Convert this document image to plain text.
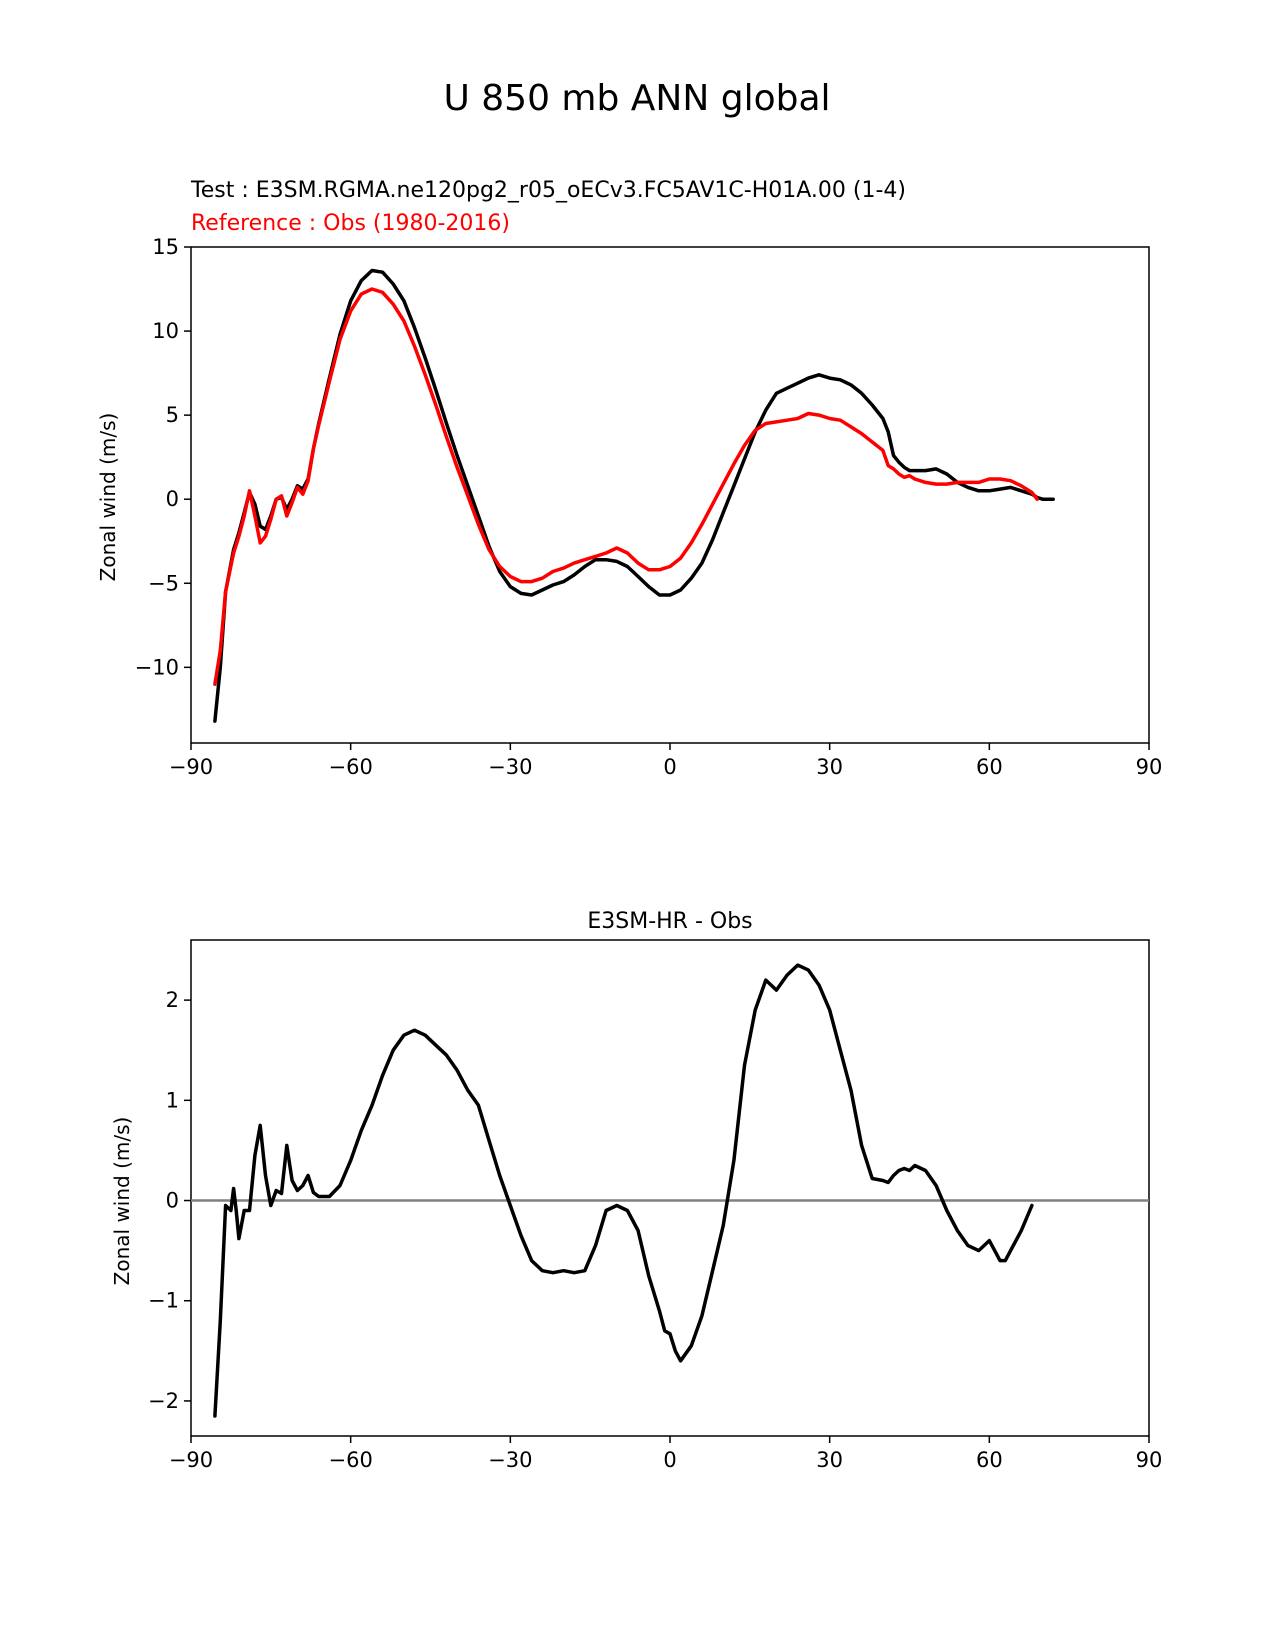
U 850 mb ANN global
Test : E3SM.RGMA.ne120pg2_r05_oECv3.FC5AV1C-H01A.00 (1-4)
Reference : Obs (1980-2016)
Zonal wind (m/s)
−90	−60	−30	0	30	60	90
−10
−5
0
5
10
15
E3SM-HR - Obs
Zonal wind (m/s)
−90	−60	−30	0	30	60	90
−2
−1
0
1
2
